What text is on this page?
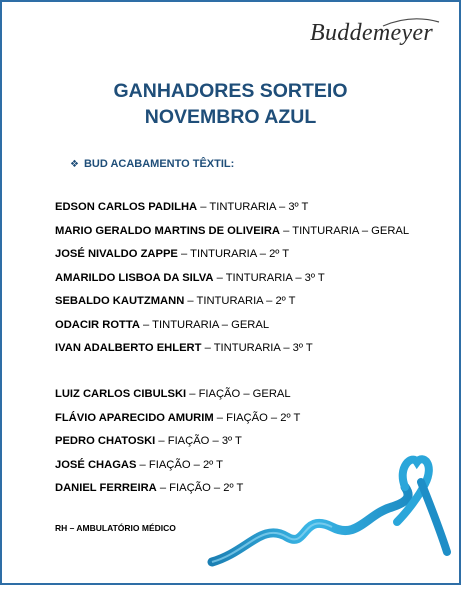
Buddemeyer
GANHADORES SORTEIO
NOVEMBRO AZUL
❖ BUD ACABAMENTO TÊXTIL:
EDSON CARLOS PADILHA – TINTURARIA – 3º T
MARIO GERALDO MARTINS DE OLIVEIRA – TINTURARIA – GERAL
JOSÉ NIVALDO ZAPPE – TINTURARIA – 2º T
AMARILDO LISBOA DA SILVA – TINTURARIA – 3º T
SEBALDO KAUTZMANN – TINTURARIA – 2º T
ODACIR ROTTA – TINTURARIA – GERAL
IVAN ADALBERTO EHLERT – TINTURARIA – 3º T
LUIZ CARLOS CIBULSKI – FIAÇÃO – GERAL
FLÁVIO APARECIDO AMURIM – FIAÇÃO – 2º T
PEDRO CHATOSKI – FIAÇÃO – 3º T
JOSÉ CHAGAS – FIAÇÃO – 2º T
DANIEL FERREIRA – FIAÇÃO – 2º T
RH – AMBULATÓRIO MÉDICO
